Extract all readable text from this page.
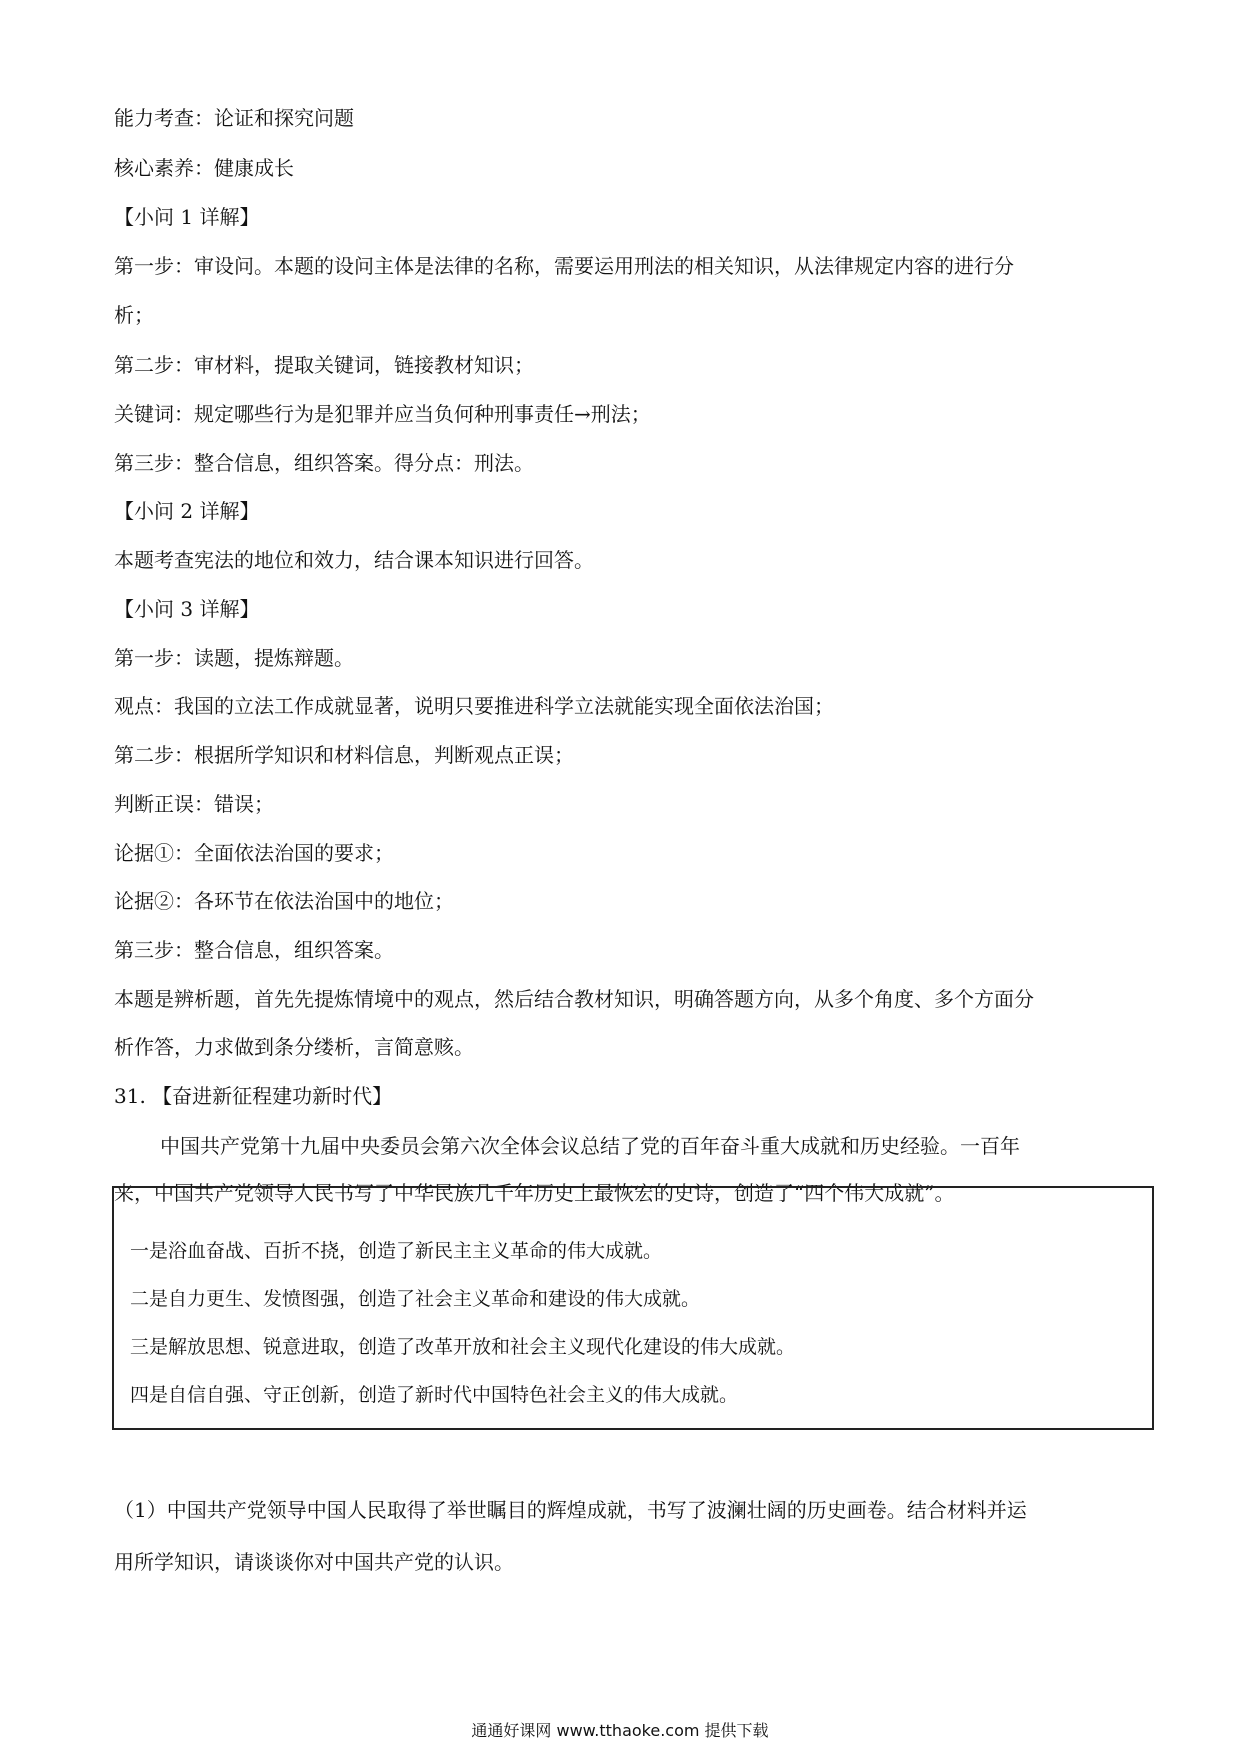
能力考查：论证和探究问题
核心素养：健康成长
【小问 1 详解】
第一步：审设问。本题的设问主体是法律的名称，需要运用刑法的相关知识，从法律规定内容的进行分
析；
第二步：审材料，提取关键词，链接教材知识；
关键词：规定哪些行为是犯罪并应当负何种刑事责任→刑法；
第三步：整合信息，组织答案。得分点：刑法。
【小问 2 详解】
本题考查宪法的地位和效力，结合课本知识进行回答。
【小问 3 详解】
第一步：读题，提炼辩题。
观点：我国的立法工作成就显著，说明只要推进科学立法就能实现全面依法治国；
第二步：根据所学知识和材料信息，判断观点正误；
判断正误：错误；
论据①：全面依法治国的要求；
论据②：各环节在依法治国中的地位；
第三步：整合信息，组织答案。
本题是辨析题，首先先提炼情境中的观点，然后结合教材知识，明确答题方向，从多个角度、多个方面分
析作答，力求做到条分缕析，言简意赅。
31. 【奋进新征程建功新时代】
中国共产党第十九届中央委员会第六次全体会议总结了党的百年奋斗重大成就和历史经验。一百年
来，中国共产党领导人民书写了中华民族几千年历史上最恢宏的史诗，创造了“四个伟大成就”。
一是浴血奋战、百折不挠，创造了新民主主义革命的伟大成就。
二是自力更生、发愤图强，创造了社会主义革命和建设的伟大成就。
三是解放思想、锐意进取，创造了改革开放和社会主义现代化建设的伟大成就。
四是自信自强、守正创新，创造了新时代中国特色社会主义的伟大成就。
（1）中国共产党领导中国人民取得了举世瞩目的辉煌成就，书写了波澜壮阔的历史画卷。结合材料并运
用所学知识，请谈谈你对中国共产党的认识。
通通好课网 www.tthaoke.com 提供下载
